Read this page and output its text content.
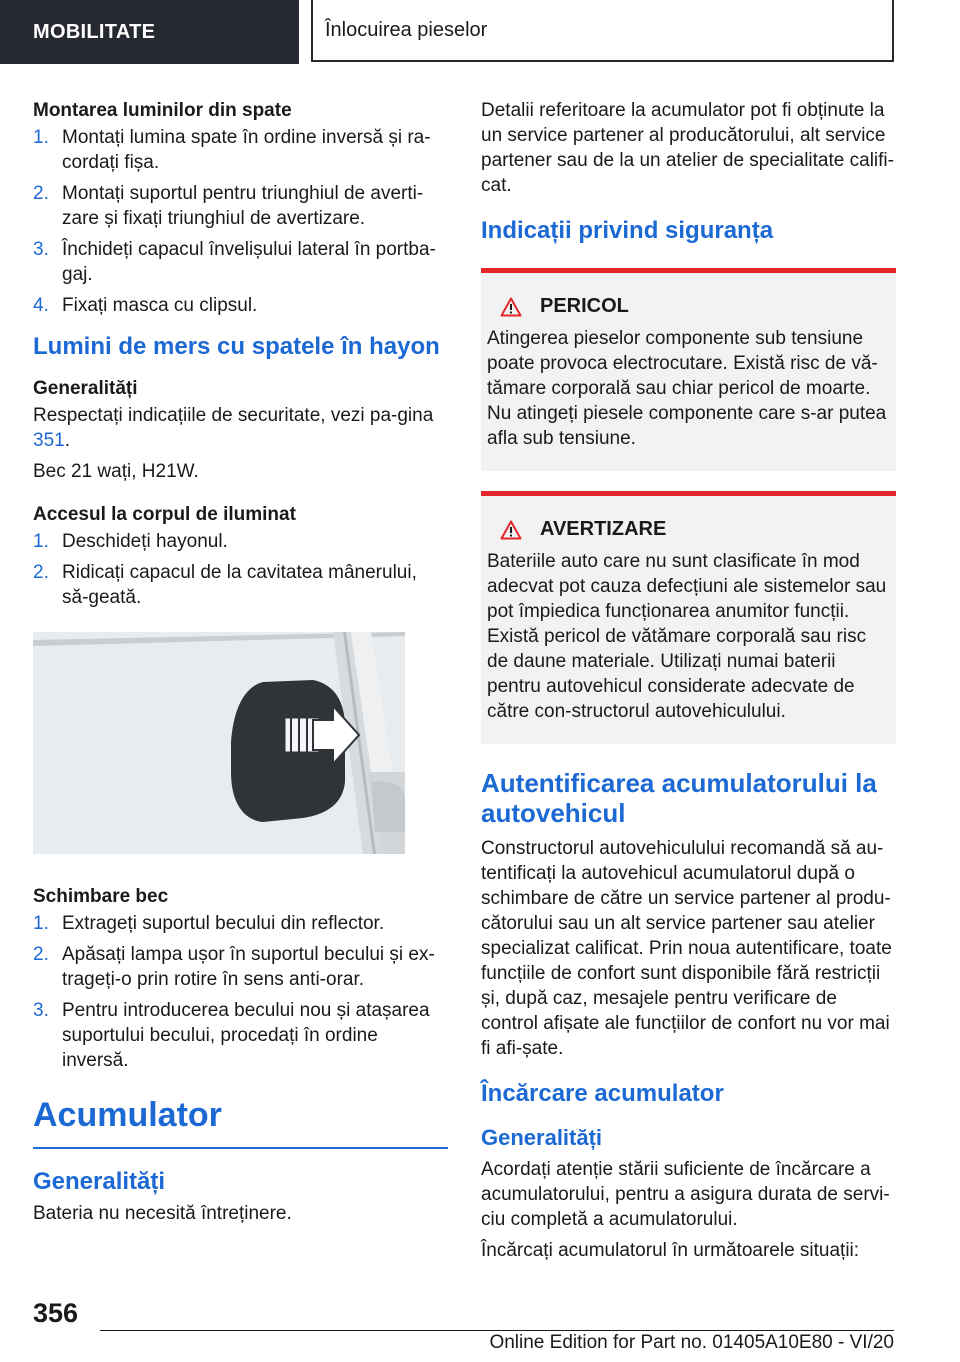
MOBILITATE	Înlocuirea pieselor
Montarea luminilor din spate
1. Montați lumina spate în ordine inversă și ra-cordați fișa.
2. Montați suportul pentru triunghiul de averti-zare și fixați triunghiul de avertizare.
3. Închideți capacul învelișului lateral în portba-gaj.
4. Fixați masca cu clipsul.
Lumini de mers cu spatele în hayon
Generalități

Respectați indicațiile de securitate, vezi pa-gina 351.

Bec 21 wați, H21W.

Accesul la corpul de iluminat
1. Deschideți hayonul.
2. Ridicați capacul de la cavitatea mânerului, să-geată.
Schimbare bec
1. Extrageți suportul becului din reflector.
2. Apăsați lampa ușor în suportul becului și ex-trageți-o prin rotire în sens anti-orar.
3. Pentru introducerea becului nou și atașarea suportului becului, procedați în ordine inversă.
Acumulator
Generalități

Bateria nu necesită întreținere.

Detalii referitoare la acumulator pot fi obținute la un service partener al producătorului, alt service partener sau de la un atelier de specialitate califi-cat.

Indicații privind siguranța
PERICOL

Atingerea pieselor componente sub tensiune poate provoca electrocutare. Există risc de vă-tămare corporală sau chiar pericol de moarte. Nu atingeți piesele componente care s-ar putea afla sub tensiune.

AVERTIZARE

Bateriile auto care nu sunt clasificate în mod adecvat pot cauza defecțiuni ale sistemelor sau pot împiedica funcționarea anumitor funcții. Există pericol de vătămare corporală sau risc de daune materiale. Utilizați numai baterii pentru autovehicul considerate adecvate de către con-structorul autovehiculului.

Autentificarea acumulatorului la autovehicul

Constructorul autovehiculului recomandă să au-tentificați la autovehicul acumulatorul după o schimbare de către un service partener al produ-cătorului sau un alt service partener sau atelier specializat calificat. Prin noua autentificare, toate funcțiile de confort sunt disponibile fără restricții și, după caz, mesajele pentru verificare de control afișate ale funcțiilor de confort nu vor mai fi afi-șate.

Încărcare acumulator
Generalități

Acordați atenție stării suficiente de încărcare a acumulatorului, pentru a asigura durata de servi-ciu completă a acumulatorului.

Încărcați acumulatorul în următoarele situații:

356
Online Edition for Part no. 01405A10E80 - VI/20
